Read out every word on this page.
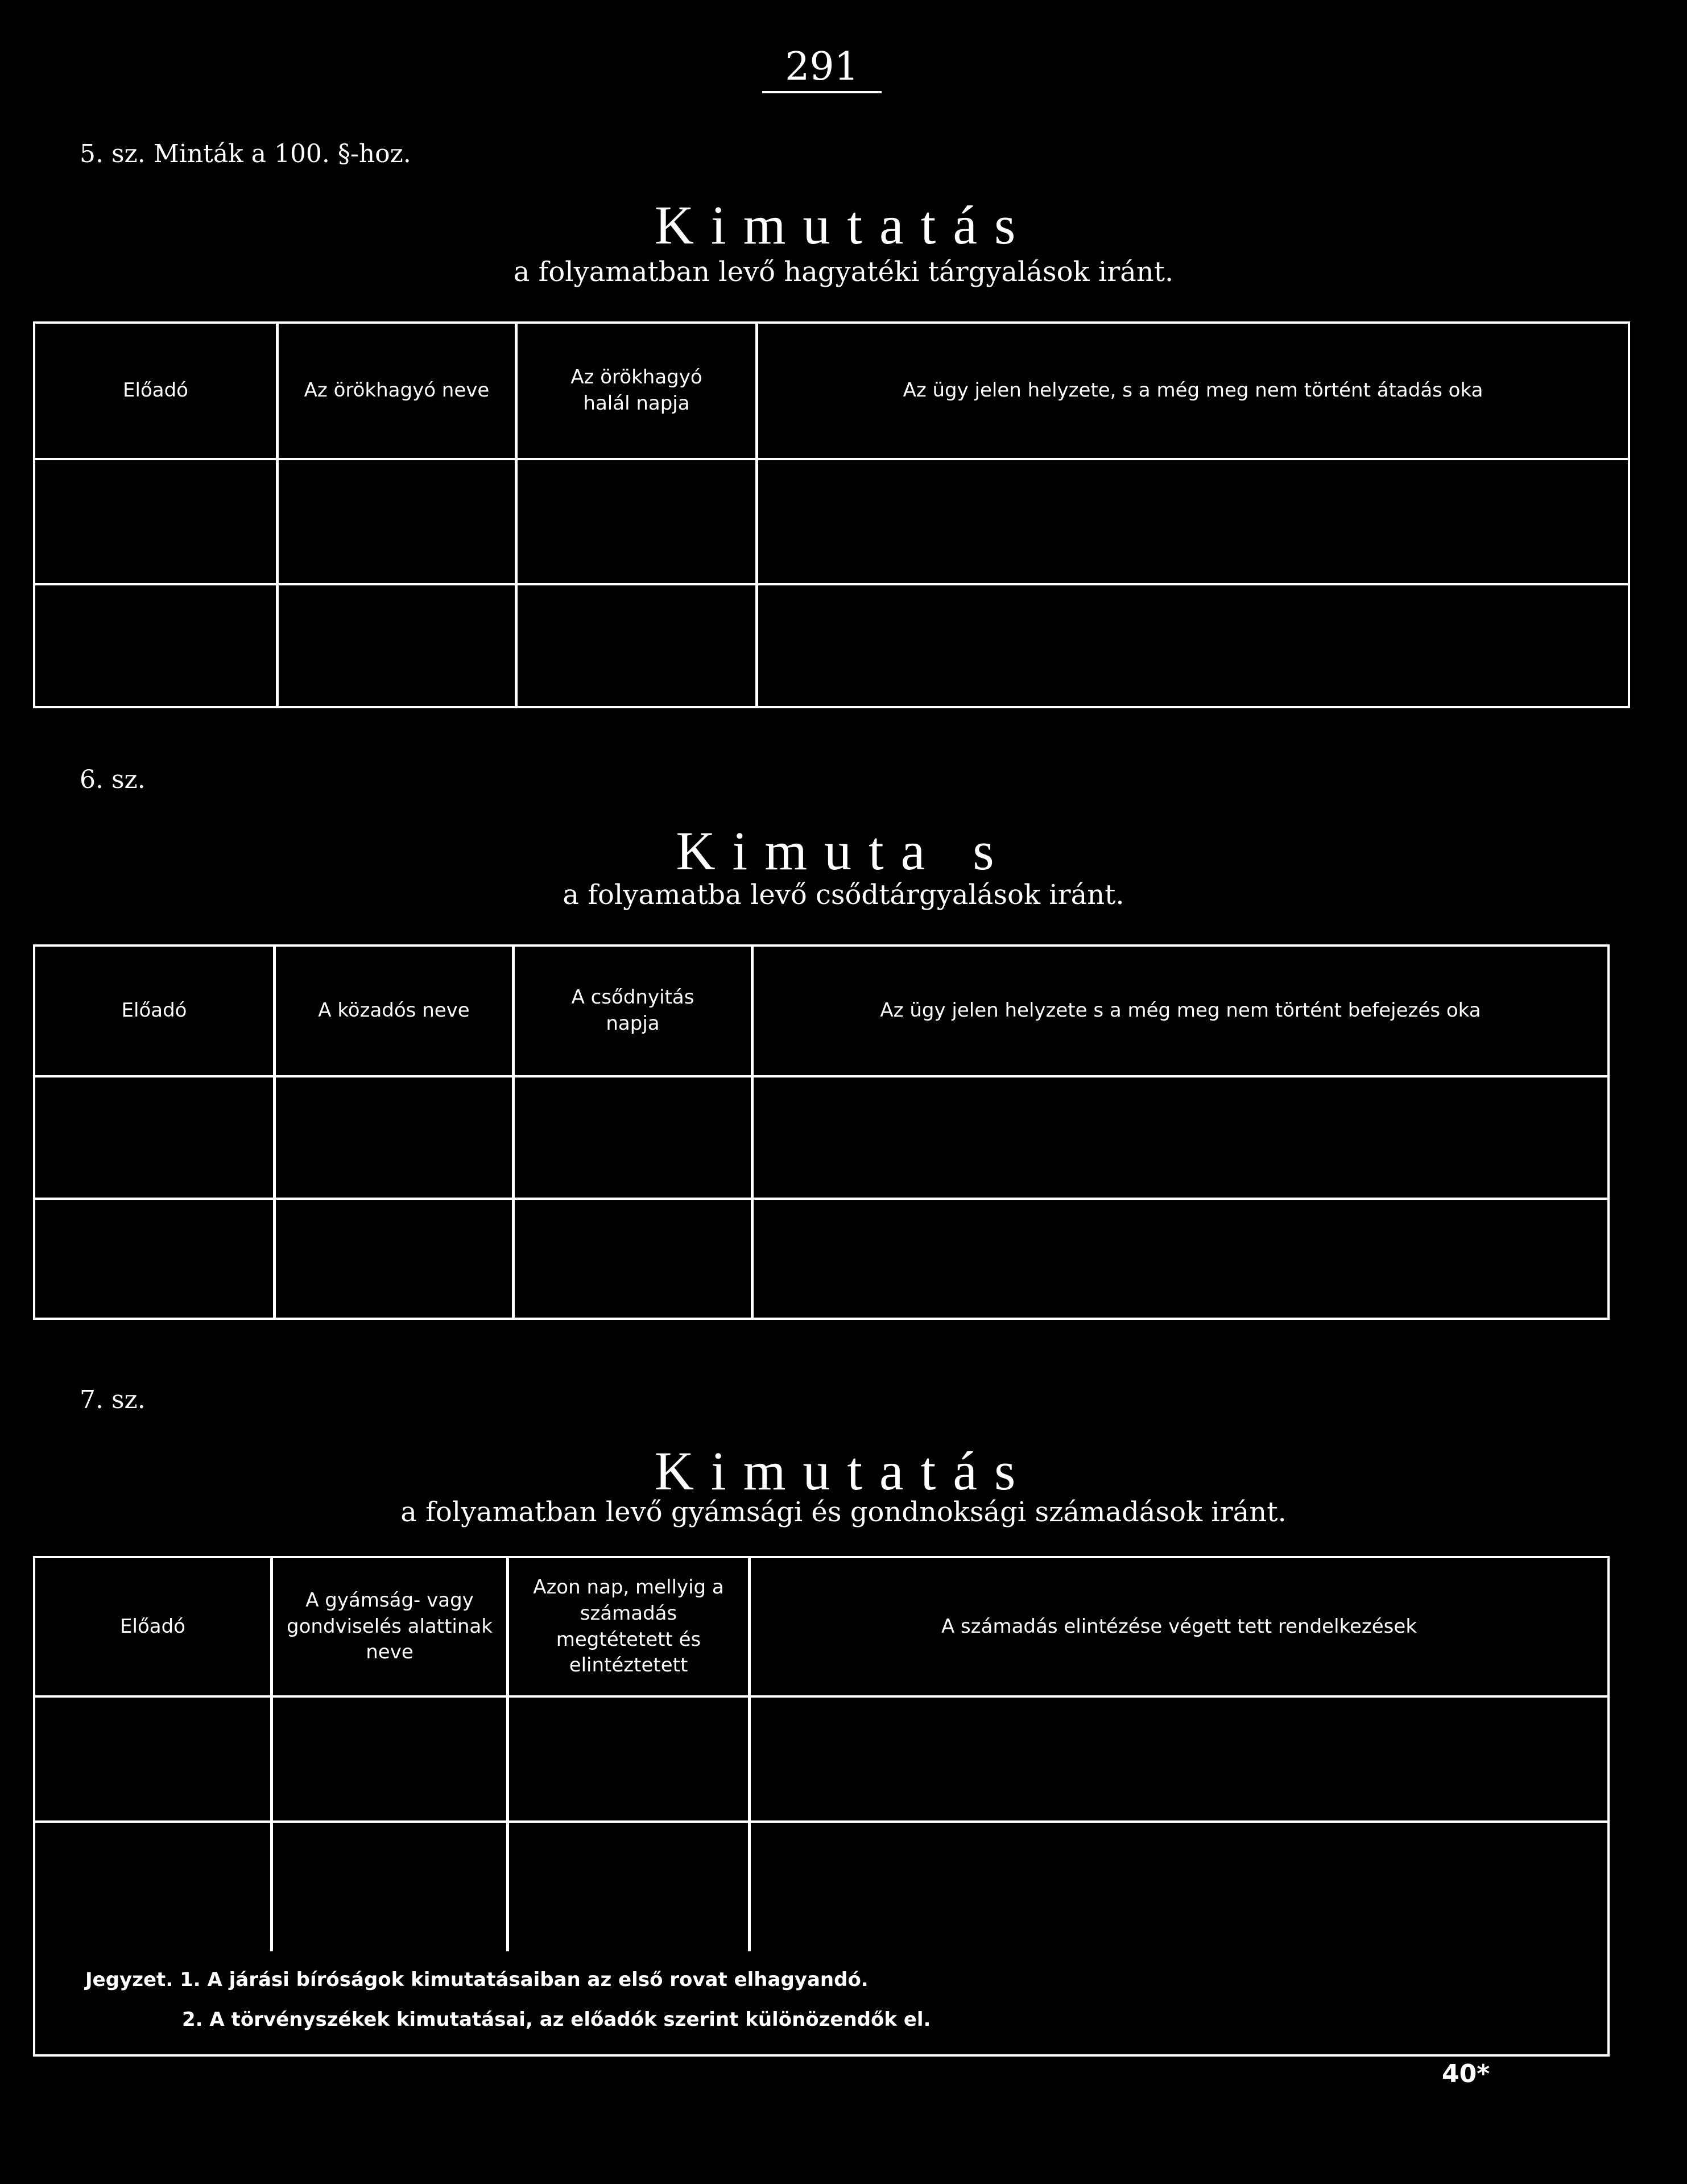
291
5. sz. Minták a 100. §-hoz.
Kimutatás
a folyamatban levő hagyatéki tárgyalások iránt.
Előadó	Az örökhagyó neve
Az örökhagyó halál napja
Az ügy jelen helyzete, s a még meg nem történt átadás oka
6. sz.
Kimuta s
a folyamatba levő csődtárgyalások iránt.
Előadó	A közadós neve
A csődnyitás napja
Az ügy jelen helyzete s a még meg nem történt befejezés oka
7. sz.
Kimutatás
a folyamatban levő gyámsági és gondnoksági számadások iránt.
Előadó
A gyámság- vagy gondviselés alattinak neve
Azon nap, mellyig a számadás megtétetett és elintéztetett
A számadás elintézése végett tett rendelkezések
Jegyzet. 1. A járási bíróságok kimutatásaiban az első rovat elhagyandó.
2. A törvényszékek kimutatásai, az előadók szerint különözendők el.
40*
